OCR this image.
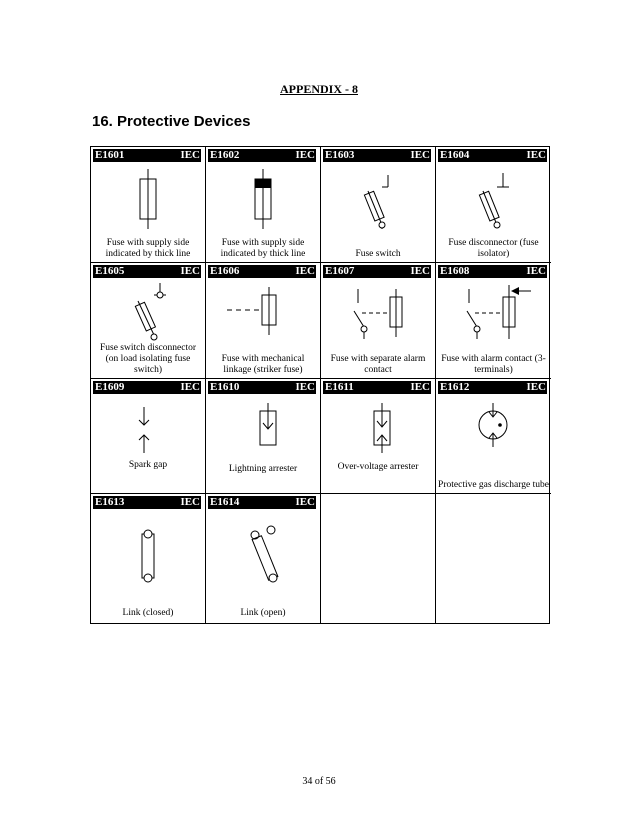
APPENDIX - 8
16. Protective Devices
E1601	IEC
Fuse with supply side indicated by thick line
E1602	IEC
Fuse with supply side indicated by thick line
E1603	IEC
Fuse switch
E1604	IEC
Fuse disconnector (fuse isolator)
E1605	IEC
Fuse switch disconnector (on load isolating fuse switch)
E1606	IEC
Fuse with mechanical linkage (striker fuse)
E1607	IEC
Fuse with separate alarm contact
E1608	IEC
Fuse with alarm contact (3-terminals)
E1609	IEC
Spark gap
E1610	IEC
Lightning arrester
E1611	IEC
Over-voltage arrester
E1612	IEC
Protective gas discharge tube
E1613	IEC
Link (closed)
E1614	IEC
Link (open)
34 of 56
